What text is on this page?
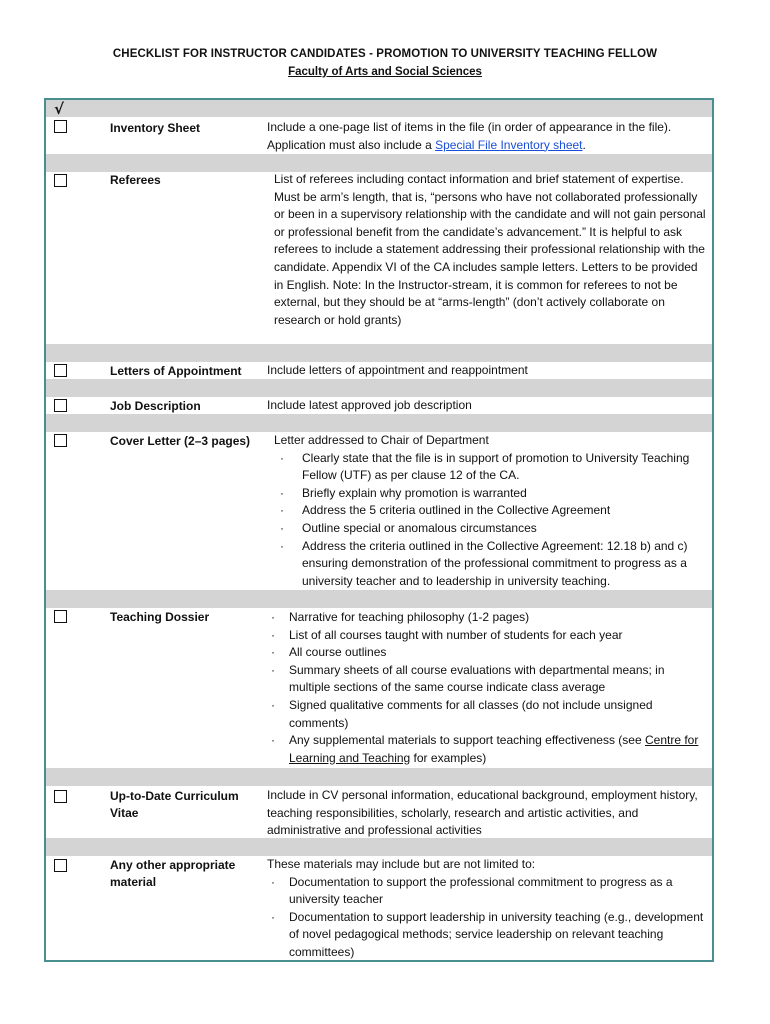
CHECKLIST FOR INSTRUCTOR CANDIDATES - PROMOTION TO UNIVERSITY TEACHING FELLOW
Faculty of Arts and Social Sciences
√
Inventory Sheet	Include a one-page list of items in the file (in order of appearance in the file). Application must also include a Special File Inventory sheet.

Referees	List of referees including contact information and brief statement of expertise. Must be arm’s length, that is, “persons who have not collaborated professionally or been in a supervisory relationship with the candidate and will not gain personal or professional benefit from the candidate’s advancement.” It is helpful to ask referees to include a statement addressing their professional relationship with the candidate. Appendix VI of the CA includes sample letters. Letters to be provided in English. Note: In the Instructor-stream, it is common for referees to not be external, but they should be at “arms-length” (don’t actively collaborate on research or hold grants)

Letters of Appointment	Include letters of appointment and reappointment

Job Description	Include latest approved job description

Cover Letter (2–3 pages)	Letter addressed to Chair of Department

· Clearly state that the file is in support of promotion to University Teaching Fellow (UTF) as per clause 12 of the CA.
· Briefly explain why promotion is warranted
· Address the 5 criteria outlined in the Collective Agreement
· Outline special or anomalous circumstances
· Address the criteria outlined in the Collective Agreement: 12.18 b) and c) ensuring demonstration of the professional commitment to progress as a university teacher and to leadership in university teaching.
Teaching Dossier
·	Narrative for teaching philosophy (1-2 pages)
· List of all courses taught with number of students for each year
· All course outlines
· Summary sheets of all course evaluations with departmental means; in multiple sections of the same course indicate class average
· Signed qualitative comments for all classes (do not include unsigned comments)
· Any supplemental materials to support teaching effectiveness (see Centre for Learning and Teaching for examples)
Up-to-Date Curriculum Vitae

Include in CV personal information, educational background, employment history, teaching responsibilities, scholarly, research and artistic activities, and administrative and professional activities

Any other appropriate material

These materials may include but are not limited to:

· Documentation to support the professional commitment to progress as a university teacher
· Documentation to support leadership in university teaching (e.g., development of novel pedagogical methods; service leadership on relevant teaching committees)
